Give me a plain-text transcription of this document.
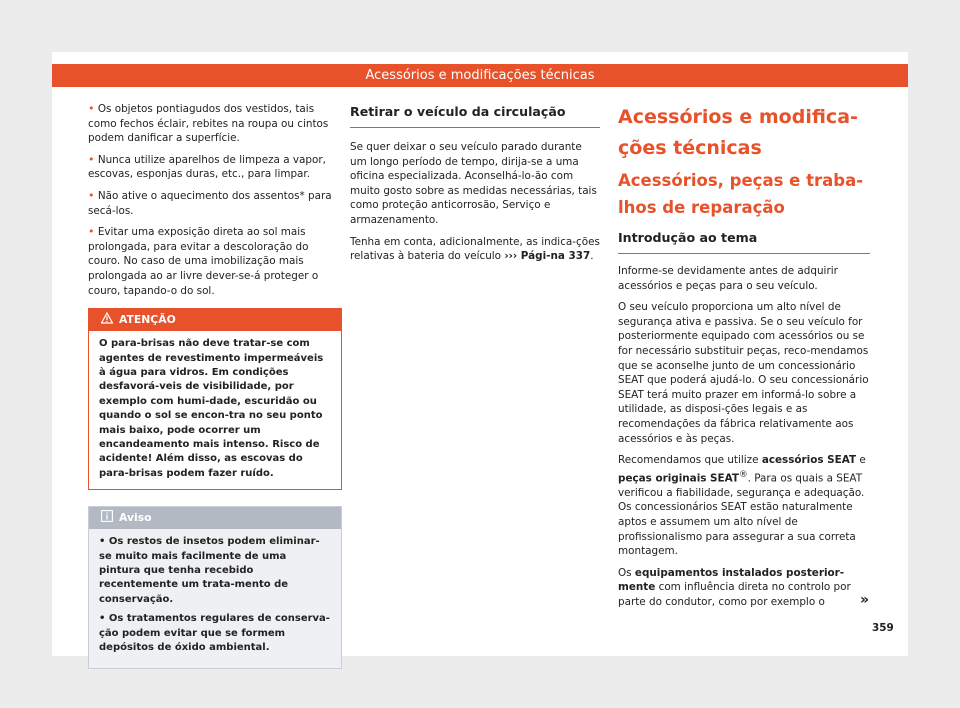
Acessórios e modificações técnicas

• Os objetos pontiagudos dos vestidos, tais como fechos éclair, rebites na roupa ou cintos podem danificar a superfície.

• Nunca utilize aparelhos de limpeza a vapor, escovas, esponjas duras, etc., para limpar.

• Não ative o aquecimento dos assentos* para secá-los.

• Evitar uma exposição direta ao sol mais prolongada, para evitar a descoloração do couro. No caso de uma imobilização mais prolongada ao ar livre dever-se-á proteger o couro, tapando-o do sol.

ATENÇÃO
O para-brisas não deve tratar-se com agentes de revestimento impermeáveis à água para vidros. Em condições desfavorá-veis de visibilidade, por exemplo com humi-dade, escuridão ou quando o sol se encon-tra no seu ponto mais baixo, pode ocorrer um encandeamento mais intenso. Risco de acidente! Além disso, as escovas do para-brisas podem fazer ruído.
Aviso

• Os restos de insetos podem eliminar-se muito mais facilmente de uma pintura que tenha recebido recentemente um trata-mento de conservação.

• Os tratamentos regulares de conserva-ção podem evitar que se formem depósitos de óxido ambiental.

Retirar o veículo da circulação

Se quer deixar o seu veículo parado durante um longo período de tempo, dirija-se a uma oficina especializada. Aconselhá-lo-ão com muito gosto sobre as medidas necessárias, tais como proteção anticorrosão, Serviço e armazenamento.

Tenha em conta, adicionalmente, as indica-ções relativas à bateria do veículo ››› Pági-na 337.

Acessórios e modifica-ções técnicas
Acessórios, peças e traba-lhos de reparação
Introdução ao tema

Informe-se devidamente antes de adquirir acessórios e peças para o seu veículo.

O seu veículo proporciona um alto nível de segurança ativa e passiva. Se o seu veículo for posteriormente equipado com acessórios ou se for necessário substituir peças, reco-mendamos que se aconselhe junto de um concessionário SEAT que poderá ajudá-lo. O seu concessionário SEAT terá muito prazer em informá-lo sobre a utilidade, as disposi-ções legais e as recomendações da fábrica relativamente aos acessórios e às peças.

Recomendamos que utilize acessórios SEAT e peças originais SEAT®. Para os quais a SEAT verificou a fiabilidade, segurança e adequação. Os concessionários SEAT estão naturalmente aptos e assumem um alto nível de profissionalismo para assegurar a sua correta montagem.

Os equipamentos instalados posterior-mente com influência direta no controlo por parte do condutor, como por exemplo o	»
359
